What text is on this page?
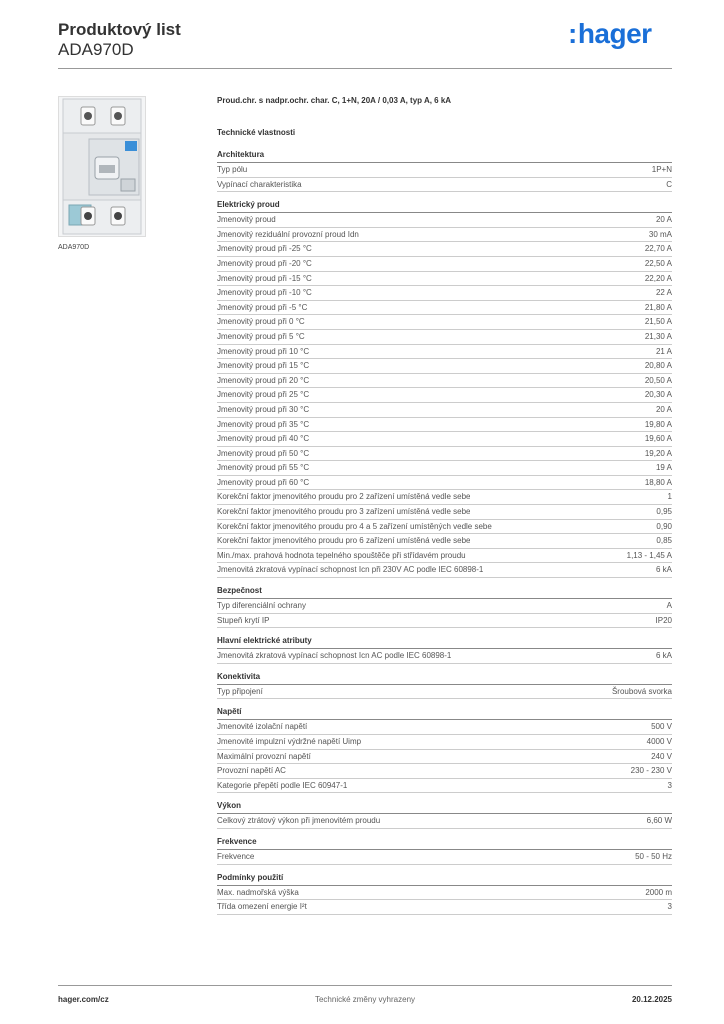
Produktový list
ADA970D
:hager
ADA970D
Proud.chr. s nadpr.ochr. char. C, 1+N, 20A / 0,03 A, typ A, 6 kA
Technické vlastnosti
Architektura
Typ pólu	1P+N
Vypínací charakteristika	C
Elektrický proud
Jmenovitý proud	20 A
Jmenovitý reziduální provozní proud Idn	30 mA
Jmenovitý proud při -25 °C	22,70 A
Jmenovitý proud při -20 °C	22,50 A
Jmenovitý proud při -15 °C	22,20 A
Jmenovitý proud při -10 °C	22 A
Jmenovitý proud při -5 °C	21,80 A
Jmenovitý proud při 0 °C	21,50 A
Jmenovitý proud při 5 °C	21,30 A
Jmenovitý proud při 10 °C	21 A
Jmenovitý proud při 15 °C	20,80 A
Jmenovitý proud při 20 °C	20,50 A
Jmenovitý proud při 25 °C	20,30 A
Jmenovitý proud při 30 °C	20 A
Jmenovitý proud při 35 °C	19,80 A
Jmenovitý proud při 40 °C	19,60 A
Jmenovitý proud při 50 °C	19,20 A
Jmenovitý proud při 55 °C	19 A
Jmenovitý proud při 60 °C	18,80 A
Korekční faktor jmenovitého proudu pro 2 zařízení umístěná vedle sebe	1
Korekční faktor jmenovitého proudu pro 3 zařízení umístěná vedle sebe	0,95
Korekční faktor jmenovitého proudu pro 4 a 5 zařízení umístěných vedle sebe	0,90
Korekční faktor jmenovitého proudu pro 6 zařízení umístěná vedle sebe	0,85
Min./max. prahová hodnota tepelného spouštěče při střídavém proudu	1,13 - 1,45 A
Jmenovitá zkratová vypínací schopnost Icn při 230V AC podle IEC 60898-1	6 kA
Bezpečnost
Typ diferenciální ochrany	A
Stupeň krytí IP	IP20
Hlavní elektrické atributy
Jmenovitá zkratová vypínací schopnost Icn AC podle IEC 60898-1	6 kA
Konektivita
Typ připojení	Šroubová svorka
Napětí
Jmenovité izolační napětí	500 V
Jmenovité impulzní výdržné napětí Uimp	4000 V
Maximální provozní napětí	240 V
Provozní napětí AC	230 - 230 V
Kategorie přepětí podle IEC 60947-1	3
Výkon
Celkový ztrátový výkon při jmenovitém proudu	6,60 W
Frekvence
Frekvence	50 - 50 Hz
Podmínky použití
Max. nadmořská výška	2000 m
Třída omezení energie I²t	3
hager.com/cz	Technické změny vyhrazeny	20.12.2025
